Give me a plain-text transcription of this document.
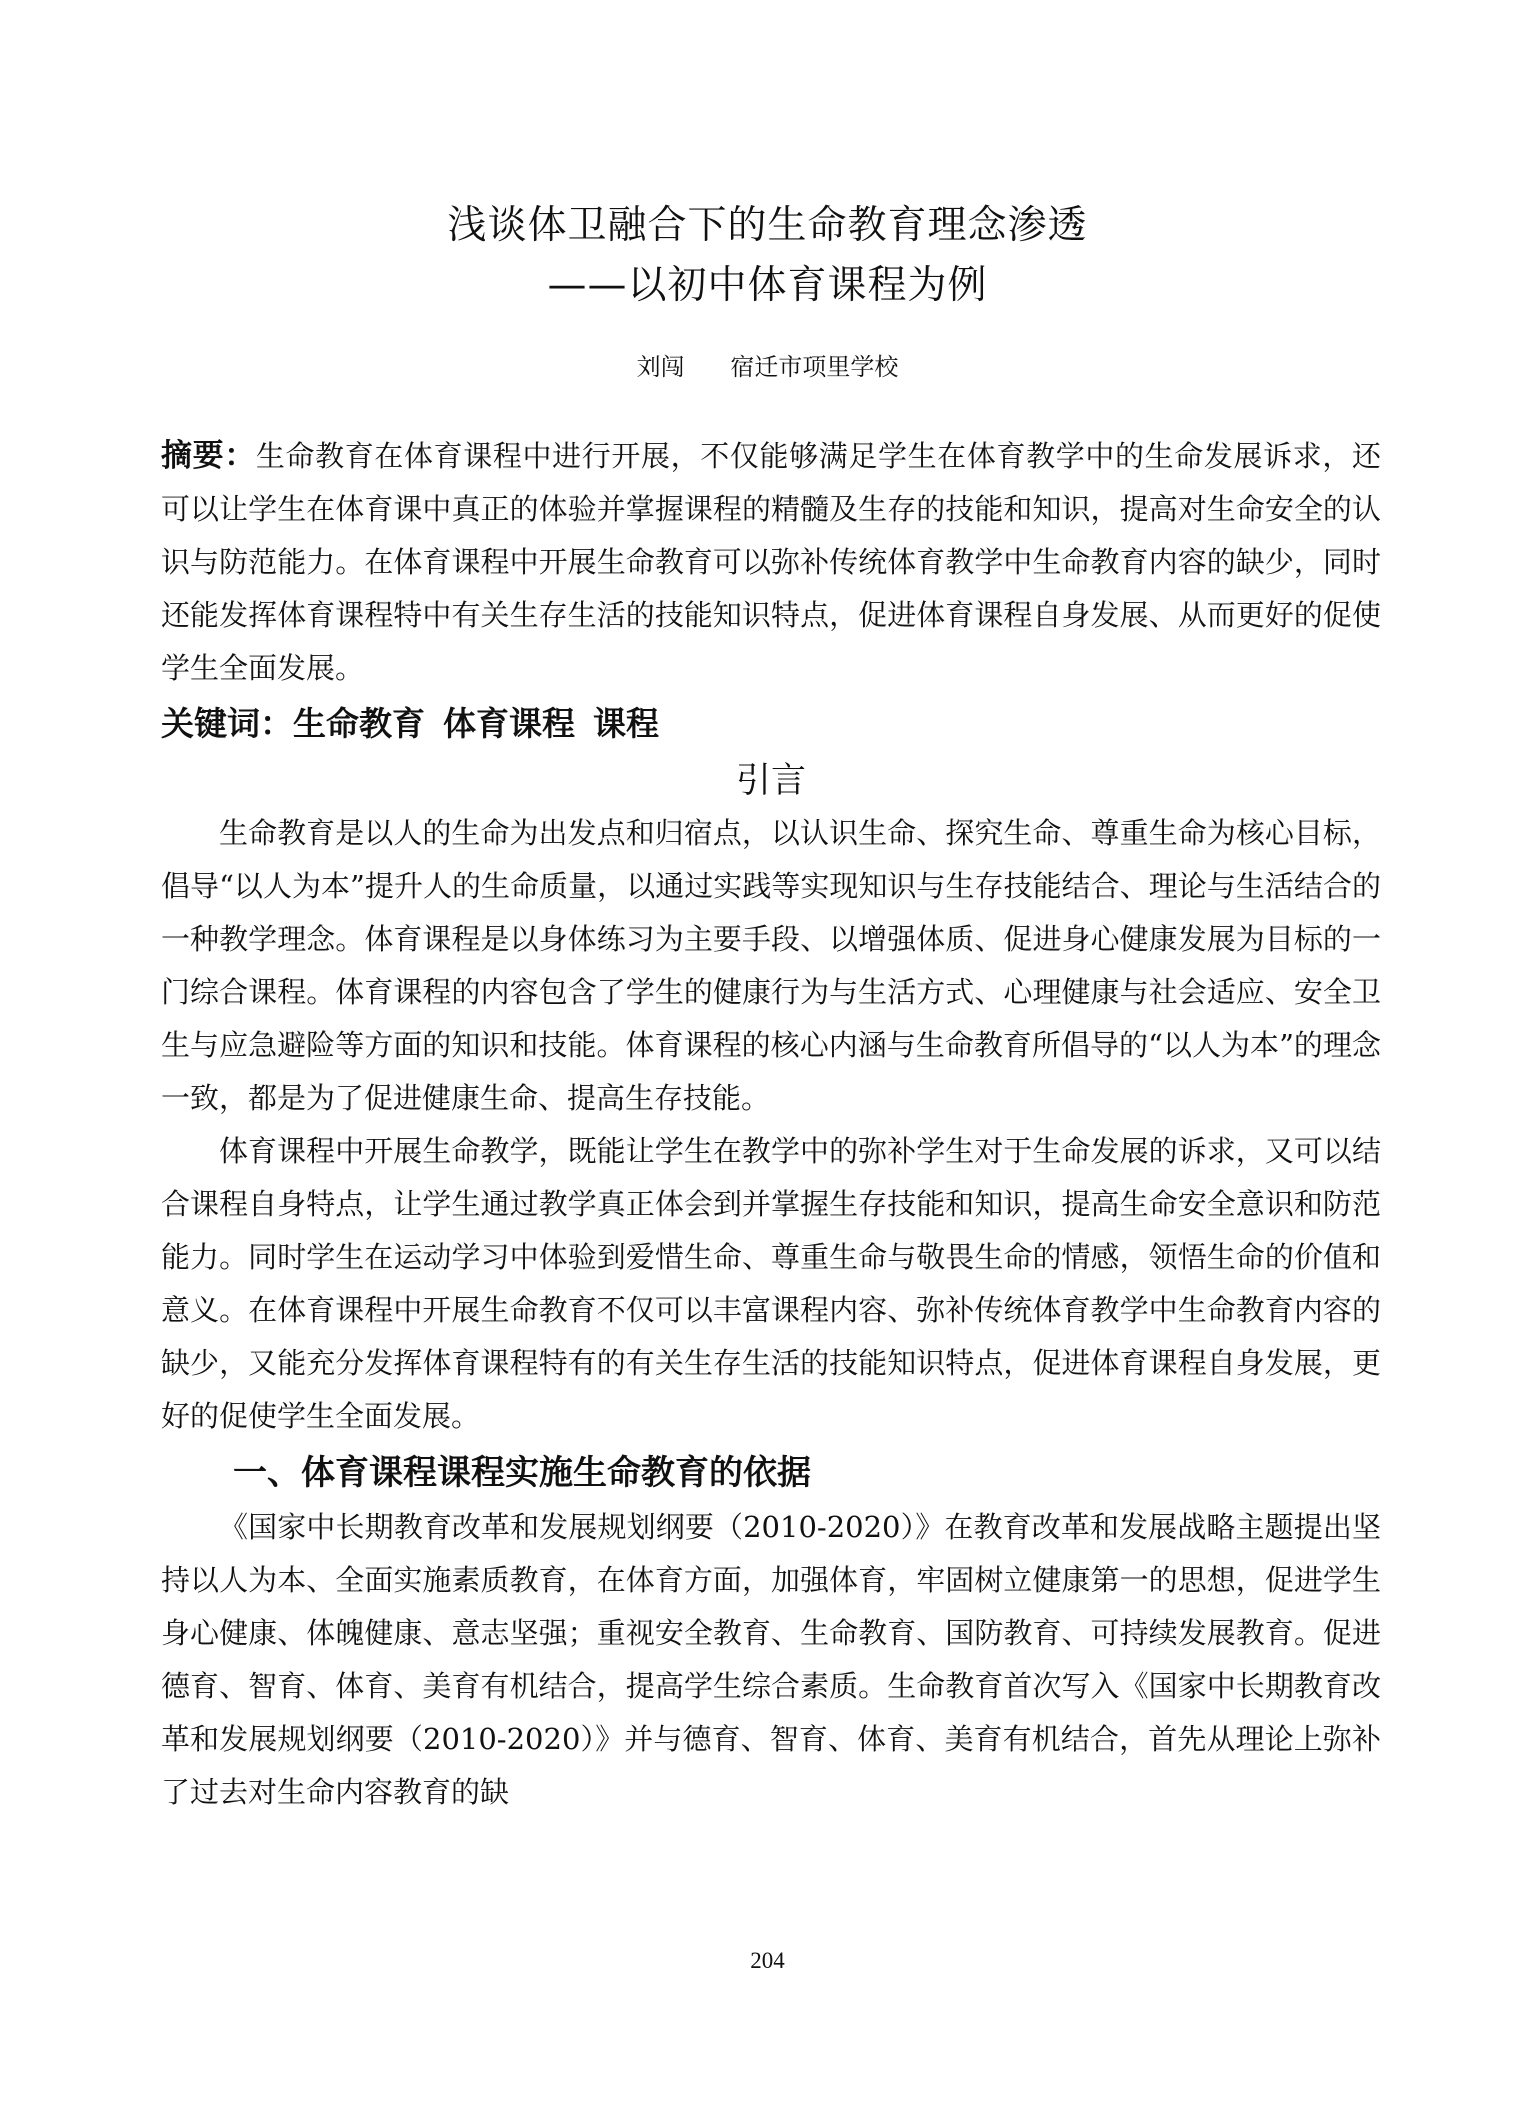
浅谈体卫融合下的生命教育理念渗透
——以初中体育课程为例
刘闯      宿迁市项里学校

摘要：生命教育在体育课程中进行开展，不仅能够满足学生在体育教学中的生命发展诉求，还可以让学生在体育课中真正的体验并掌握课程的精髓及生存的技能和知识，提高对生命安全的认识与防范能力。在体育课程中开展生命教育可以弥补传统体育教学中生命教育内容的缺少，同时还能发挥体育课程特中有关生存生活的技能知识特点，促进体育课程自身发展、从而更好的促使学生全面发展。

关键词：生命教育 体育课程 课程
引言

生命教育是以人的生命为出发点和归宿点，以认识生命、探究生命、尊重生命为核心目标，倡导“以人为本”提升人的生命质量，以通过实践等实现知识与生存技能结合、理论与生活结合的一种教学理念。体育课程是以身体练习为主要手段、以增强体质、促进身心健康发展为目标的一门综合课程。体育课程的内容包含了学生的健康行为与生活方式、心理健康与社会适应、安全卫生与应急避险等方面的知识和技能。体育课程的核心内涵与生命教育所倡导的“以人为本”的理念一致，都是为了促进健康生命、提高生存技能。

体育课程中开展生命教学，既能让学生在教学中的弥补学生对于生命发展的诉求，又可以结合课程自身特点，让学生通过教学真正体会到并掌握生存技能和知识，提高生命安全意识和防范能力。同时学生在运动学习中体验到爱惜生命、尊重生命与敬畏生命的情感，领悟生命的价值和意义。在体育课程中开展生命教育不仅可以丰富课程内容、弥补传统体育教学中生命教育内容的缺少，又能充分发挥体育课程特有的有关生存生活的技能知识特点，促进体育课程自身发展，更好的促使学生全面发展。

一、体育课程课程实施生命教育的依据

《国家中长期教育改革和发展规划纲要（2010-2020）》在教育改革和发展战略主题提出坚持以人为本、全面实施素质教育，在体育方面，加强体育，牢固树立健康第一的思想，促进学生身心健康、体魄健康、意志坚强；重视安全教育、生命教育、国防教育、可持续发展教育。促进德育、智育、体育、美育有机结合，提高学生综合素质。生命教育首次写入《国家中长期教育改革和发展规划纲要（2010-2020）》并与德育、智育、体育、美育有机结合，首先从理论上弥补了过去对生命内容教育的缺

204
